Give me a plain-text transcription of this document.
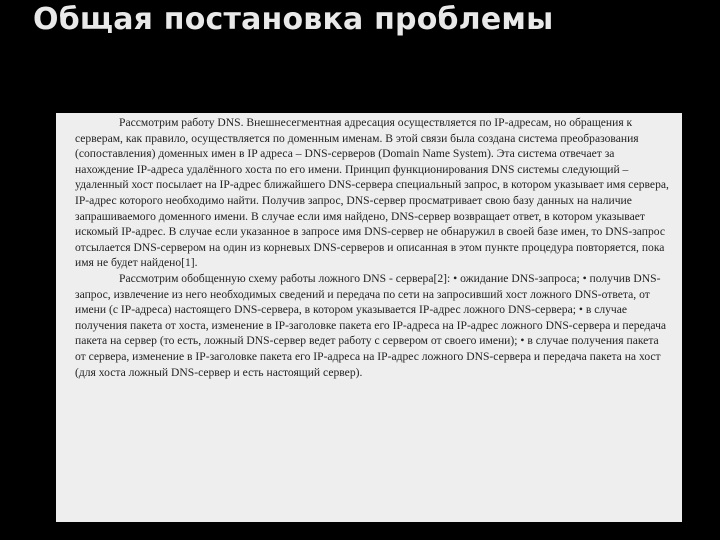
Общая постановка проблемы

Рассмотрим работу DNS. Внешнесегментная адресация осуществляется по IP-адресам, но обращения к серверам, как правило, осуществляется по доменным именам. В этой связи была создана система преобразования (сопоставления) доменных имен в IP адреса – DNS-серверов (Domain Name System). Эта система отвечает за нахождение IP-адреса удалённого хоста по его имени. Принцип функционирования DNS системы следующий – удаленный хост посылает на IP-адрес ближайшего DNS-сервера специальный запрос, в котором указывает имя сервера, IP-адрес которого необходимо найти. Получив запрос, DNS-сервер просматривает свою базу данных на наличие запрашиваемого доменного имени. В случае если имя найдено, DNS-сервер возвращает ответ, в котором указывает искомый IP-адрес. В случае если указанное в запросе имя DNS-сервер не обнаружил в своей базе имен, то DNS-запрос отсылается DNS-сервером на один из корневых DNS-серверов и описанная в этом пункте процедура повторяется, пока имя не будет найдено[1].

Рассмотрим обобщенную схему работы ложного DNS - сервера[2]: • ожидание DNS-запроса; • получив DNS-запрос, извлечение из него необходимых сведений и передача по сети на запросивший хост ложного DNS-ответа, от имени (с IP-адреса) настоящего DNS-сервера, в котором указывается IP-адрес ложного DNS-сервера; • в случае получения пакета от хоста, изменение в IP-заголовке пакета его IP-адреса на IP-адрес ложного DNS-сервера и передача пакета на сервер (то есть, ложный DNS-сервер ведет работу с сервером от своего имени); • в случае получения пакета от сервера, изменение в IP-заголовке пакета его IP-адреса на IP-адрес ложного DNS-сервера и передача пакета на хост (для хоста ложный DNS-сервер и есть настоящий сервер).
